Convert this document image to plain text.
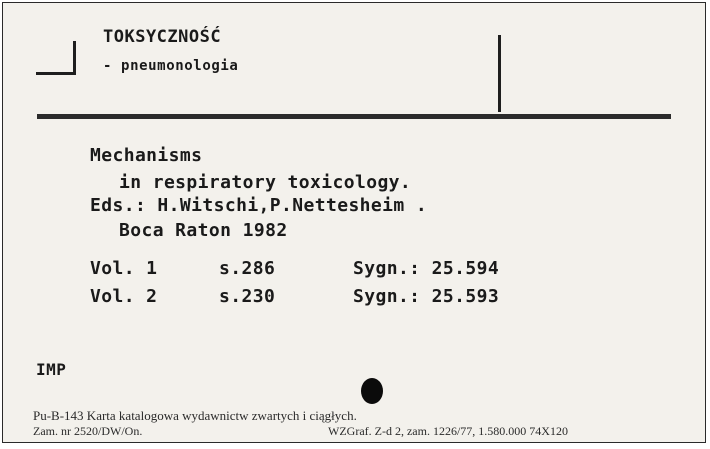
TOKSYCZNOŚĆ
- pneumonologia
Mechanisms
in respiratory toxicology.
Eds.: H.Witschi,P.Nettesheim .
Boca Raton 1982
Vol. 1	s.286	Sygn.: 25.594
Vol. 2	s.230	Sygn.: 25.593
IMP
Pu-B-143 Karta katalogowa wydawnictw zwartych i ciągłych.
Zam. nr 2520/DW/On.	WZGraf. Z-d 2, zam. 1226/77, 1.580.000 74X120
